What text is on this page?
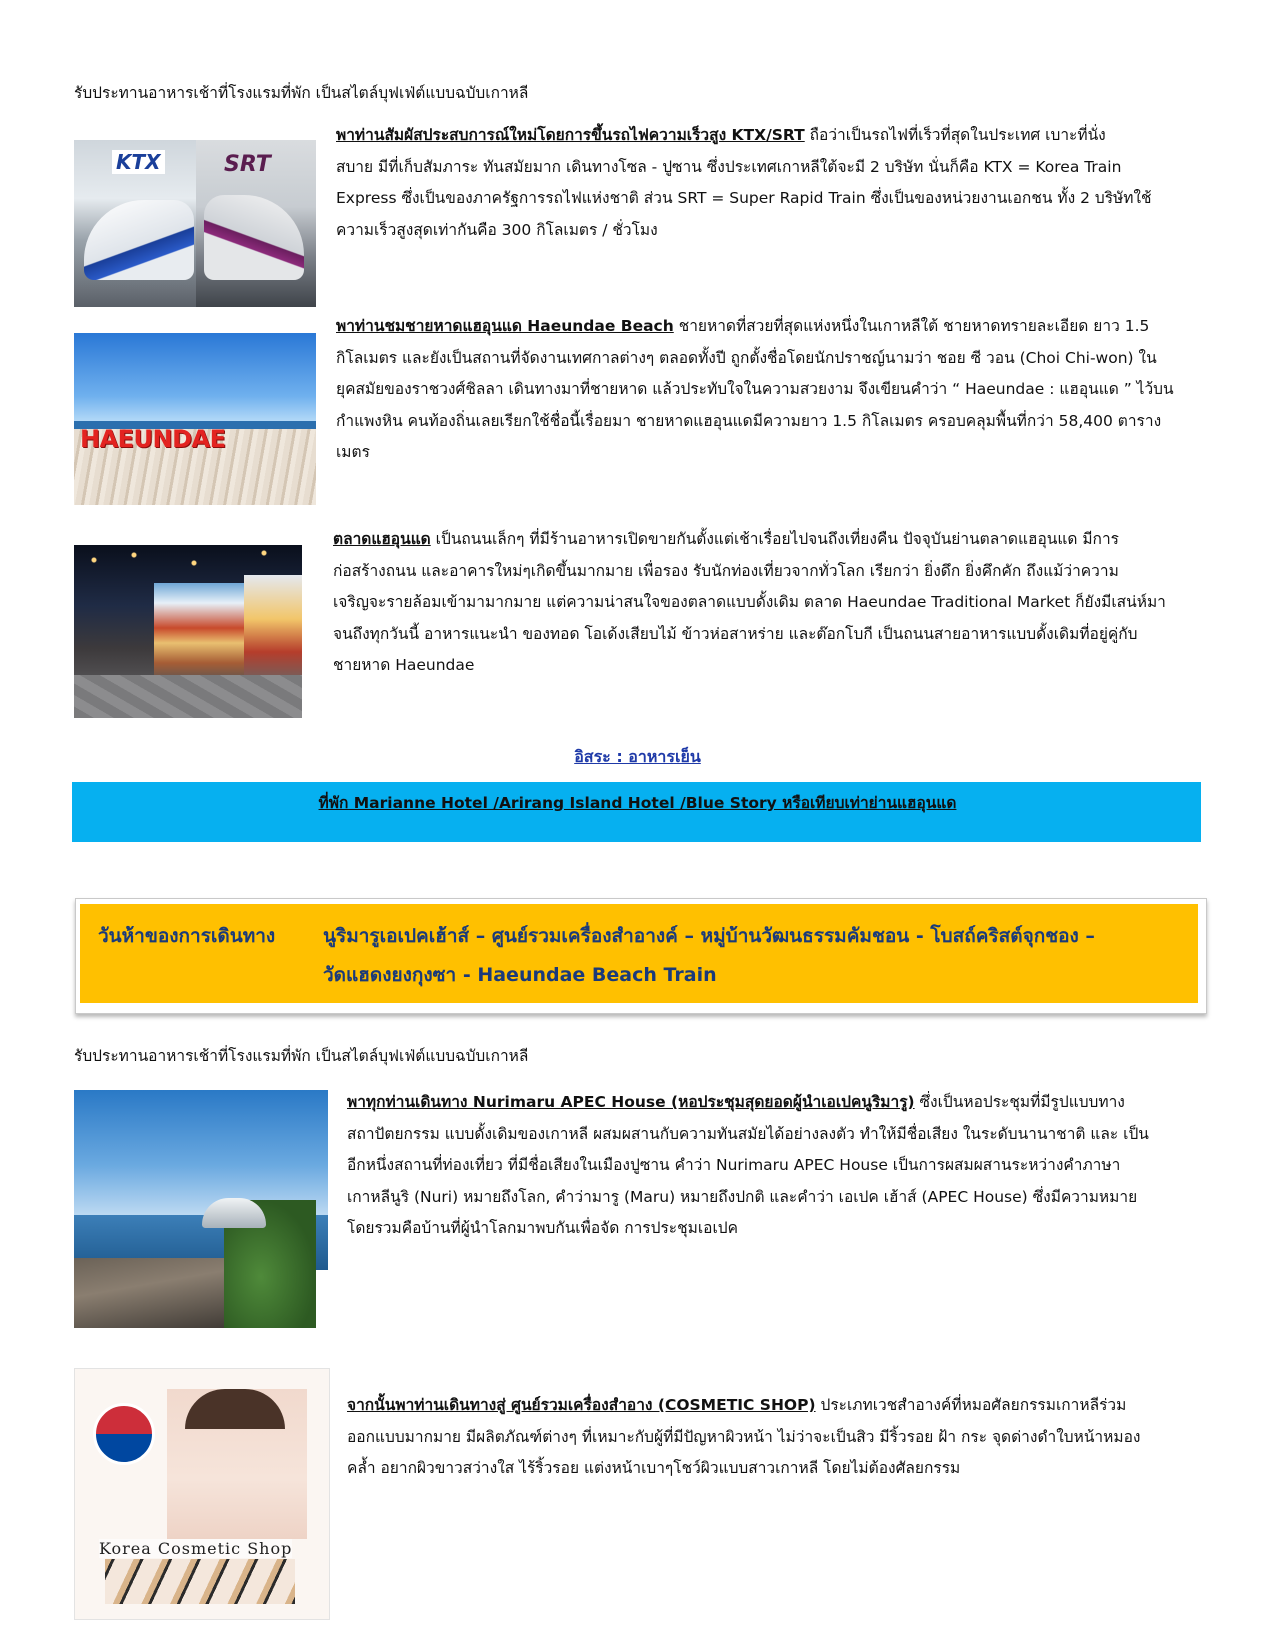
รับประทานอาหารเช้าที่โรงแรมที่พัก เป็นสไตล์บุฟเฟ่ต์แบบฉบับเกาหลี
KTX	SRT
พาท่านสัมผัสประสบการณ์ใหม่โดยการขึ้นรถไฟความเร็วสูง KTX/SRT ถือว่าเป็นรถไฟที่เร็วที่สุดในประเทศ เบาะที่นั่ง
สบาย มีที่เก็บสัมภาระ ทันสมัยมาก เดินทางโซล - ปูซาน ซึ่งประเทศเกาหลีใต้จะมี 2 บริษัท นั่นก็คือ KTX = Korea Train
Express ซึ่งเป็นของภาครัฐการรถไฟแห่งชาติ ส่วน SRT = Super Rapid Train ซึ่งเป็นของหน่วยงานเอกชน ทั้ง 2 บริษัทใช้
ความเร็วสูงสุดเท่ากันคือ 300 กิโลเมตร / ชั่วโมง
HAEUNDAE
พาท่านชมชายหาดแฮอุนแด Haeundae Beach ชายหาดที่สวยที่สุดแห่งหนึ่งในเกาหลีใต้ ชายหาดทรายละเอียด ยาว 1.5
กิโลเมตร และยังเป็นสถานที่จัดงานเทศกาลต่างๆ ตลอดทั้งปี ถูกตั้งชื่อโดยนักปราชญ์นามว่า ชอย ซี วอน (Choi Chi-won) ใน
ยุคสมัยของราชวงศ์ชิลลา เดินทางมาที่ชายหาด แล้วประทับใจในความสวยงาม จึงเขียนคำว่า “ Haeundae : แฮอุนแด ” ไว้บน
กำแพงหิน คนท้องถิ่นเลยเรียกใช้ชื่อนี้เรื่อยมา ชายหาดแฮอุนแดมีความยาว 1.5 กิโลเมตร ครอบคลุมพื้นที่กว่า 58,400 ตาราง
เมตร
ตลาดแฮอุนแด เป็นถนนเล็กๆ ที่มีร้านอาหารเปิดขายกันตั้งแต่เช้าเรื่อยไปจนถึงเที่ยงคืน ปัจจุบันย่านตลาดแฮอุนแด มีการ
ก่อสร้างถนน และอาคารใหม่ๆเกิดขึ้นมากมาย เพื่อรอง รับนักท่องเที่ยวจากทั่วโลก เรียกว่า ยิ่งดึก ยิ่งคึกคัก ถึงแม้ว่าความ
เจริญจะรายล้อมเข้ามามากมาย แต่ความน่าสนใจของตลาดแบบดั้งเดิม ตลาด Haeundae Traditional Market ก็ยังมีเสน่ห์มา
จนถึงทุกวันนี้ อาหารแนะนำ ของทอด โอเด้งเสียบไม้ ข้าวห่อสาหร่าย และต๊อกโบกี เป็นถนนสายอาหารแบบดั้งเดิมที่อยู่คู่กับ
ชายหาด Haeundae
อิสระ : อาหารเย็น
ที่พัก Marianne Hotel /Arirang Island Hotel /Blue Story หรือเทียบเท่าย่านแฮอุนแด
วันห้าของการเดินทาง	นูริมารูเอเปคเฮ้าส์ – ศูนย์รวมเครื่องสำอางค์ – หมู่บ้านวัฒนธรรมคัมชอน - โบสถ์คริสต์จุกชอง –
วัดแฮดงยงกุงซา - Haeundae Beach Train
รับประทานอาหารเช้าที่โรงแรมที่พัก เป็นสไตล์บุฟเฟ่ต์แบบฉบับเกาหลี
พาทุกท่านเดินทาง Nurimaru APEC House (หอประชุมสุดยอดผู้นำเอเปคนูริมารู) ซึ่งเป็นหอประชุมที่มีรูปแบบทาง
สถาปัตยกรรม แบบดั้งเดิมของเกาหลี ผสมผสานกับความทันสมัยได้อย่างลงตัว ทำให้มีชื่อเสียง ในระดับนานาชาติ และ เป็น
อีกหนึ่งสถานที่ท่องเที่ยว ที่มีชื่อเสียงในเมืองปูซาน คำว่า Nurimaru APEC House เป็นการผสมผสานระหว่างคำภาษา
เกาหลีนูริ (Nuri) หมายถึงโลก, คำว่ามารู (Maru) หมายถึงปกติ และคำว่า เอเปค เฮ้าส์ (APEC House) ซึ่งมีความหมาย
โดยรวมคือบ้านที่ผู้นำโลกมาพบกันเพื่อจัด การประชุมเอเปค
Korea Cosmetic Shop
จากนั้นพาท่านเดินทางสู่ ศูนย์รวมเครื่องสำอาง (COSMETIC SHOP) ประเภทเวชสำอางค์ที่หมอศัลยกรรมเกาหลีร่วม
ออกแบบมากมาย มีผลิตภัณฑ์ต่างๆ ที่เหมาะกับผู้ที่มีปัญหาผิวหน้า ไม่ว่าจะเป็นสิว มีริ้วรอย ฝ้า กระ จุดด่างดำใบหน้าหมอง
คล้ำ อยากผิวขาวสว่างใส ไร้ริ้วรอย แต่งหน้าเบาๆโชว์ผิวแบบสาวเกาหลี โดยไม่ต้องศัลยกรรม
